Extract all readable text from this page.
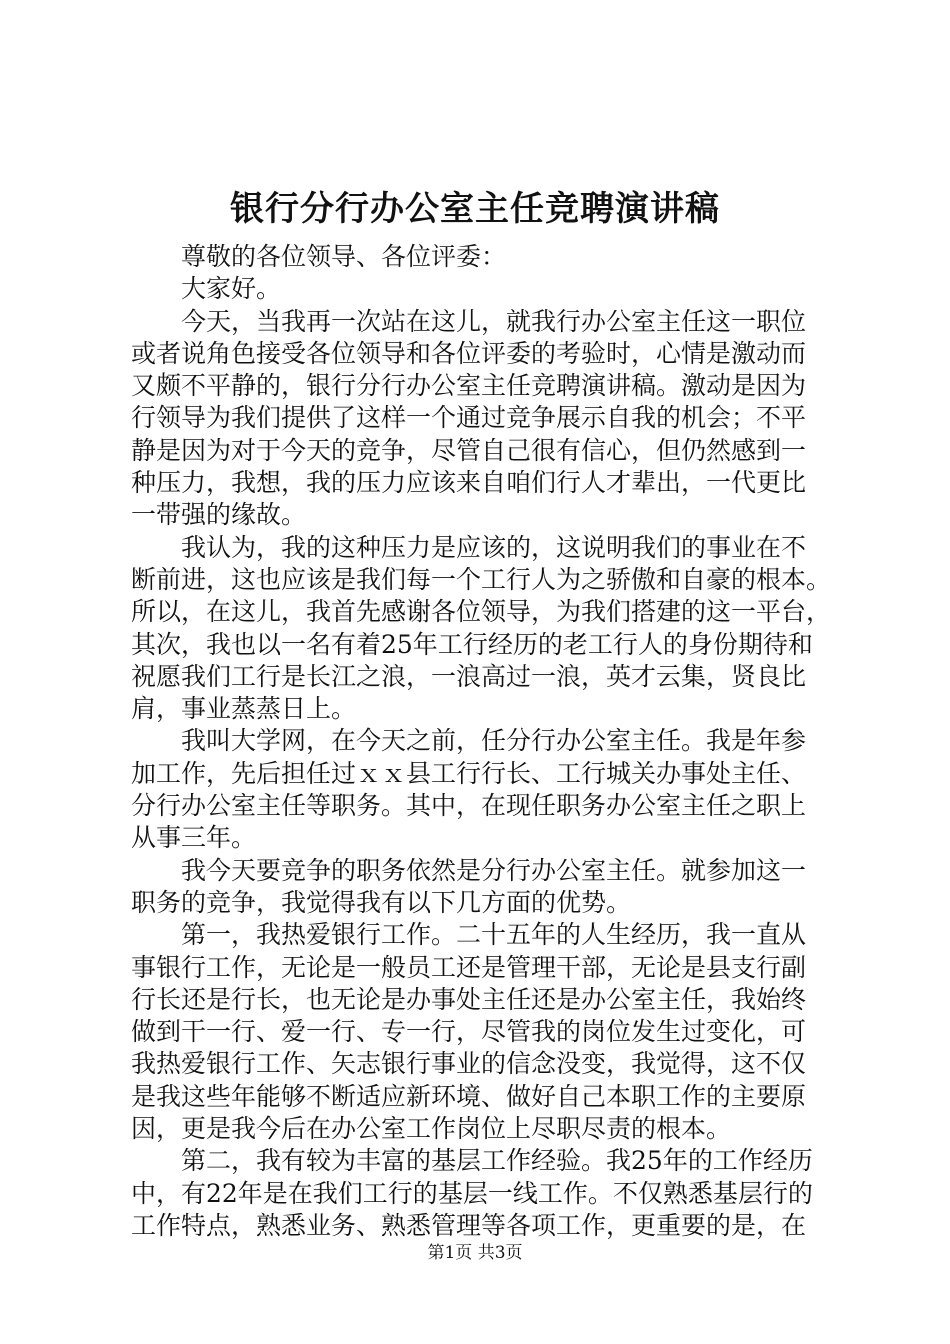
银行分行办公室主任竞聘演讲稿
尊敬的各位领导、各位评委：
大家好。
今天，当我再一次站在这儿，就我行办公室主任这一职位
或者说角色接受各位领导和各位评委的考验时，心情是激动而
又颇不平静的，银行分行办公室主任竞聘演讲稿。激动是因为
行领导为我们提供了这样一个通过竞争展示自我的机会；不平
静是因为对于今天的竞争，尽管自己很有信心，但仍然感到一
种压力，我想，我的压力应该来自咱们行人才辈出，一代更比
一带强的缘故。
我认为，我的这种压力是应该的，这说明我们的事业在不
断前进，这也应该是我们每一个工行人为之骄傲和自豪的根本。
所以，在这儿，我首先感谢各位领导，为我们搭建的这一平台，
其次，我也以一名有着25年工行经历的老工行人的身份期待和
祝愿我们工行是长江之浪，一浪高过一浪，英才云集，贤良比
肩，事业蒸蒸日上。
我叫大学网，在今天之前，任分行办公室主任。我是年参
加工作，先后担任过ｘｘ县工行行长、工行城关办事处主任、
分行办公室主任等职务。其中，在现任职务办公室主任之职上
从事三年。
我今天要竞争的职务依然是分行办公室主任。就参加这一
职务的竞争，我觉得我有以下几方面的优势。
第一，我热爱银行工作。二十五年的人生经历，我一直从
事银行工作，无论是一般员工还是管理干部，无论是县支行副
行长还是行长，也无论是办事处主任还是办公室主任，我始终
做到干一行、爱一行、专一行，尽管我的岗位发生过变化，可
我热爱银行工作、矢志银行事业的信念没变，我觉得，这不仅
是我这些年能够不断适应新环境、做好自己本职工作的主要原
因，更是我今后在办公室工作岗位上尽职尽责的根本。
第二，我有较为丰富的基层工作经验。我25年的工作经历
中，有22年是在我们工行的基层一线工作。不仅熟悉基层行的
工作特点，熟悉业务、熟悉管理等各项工作，更重要的是，在
第1页 共3页
